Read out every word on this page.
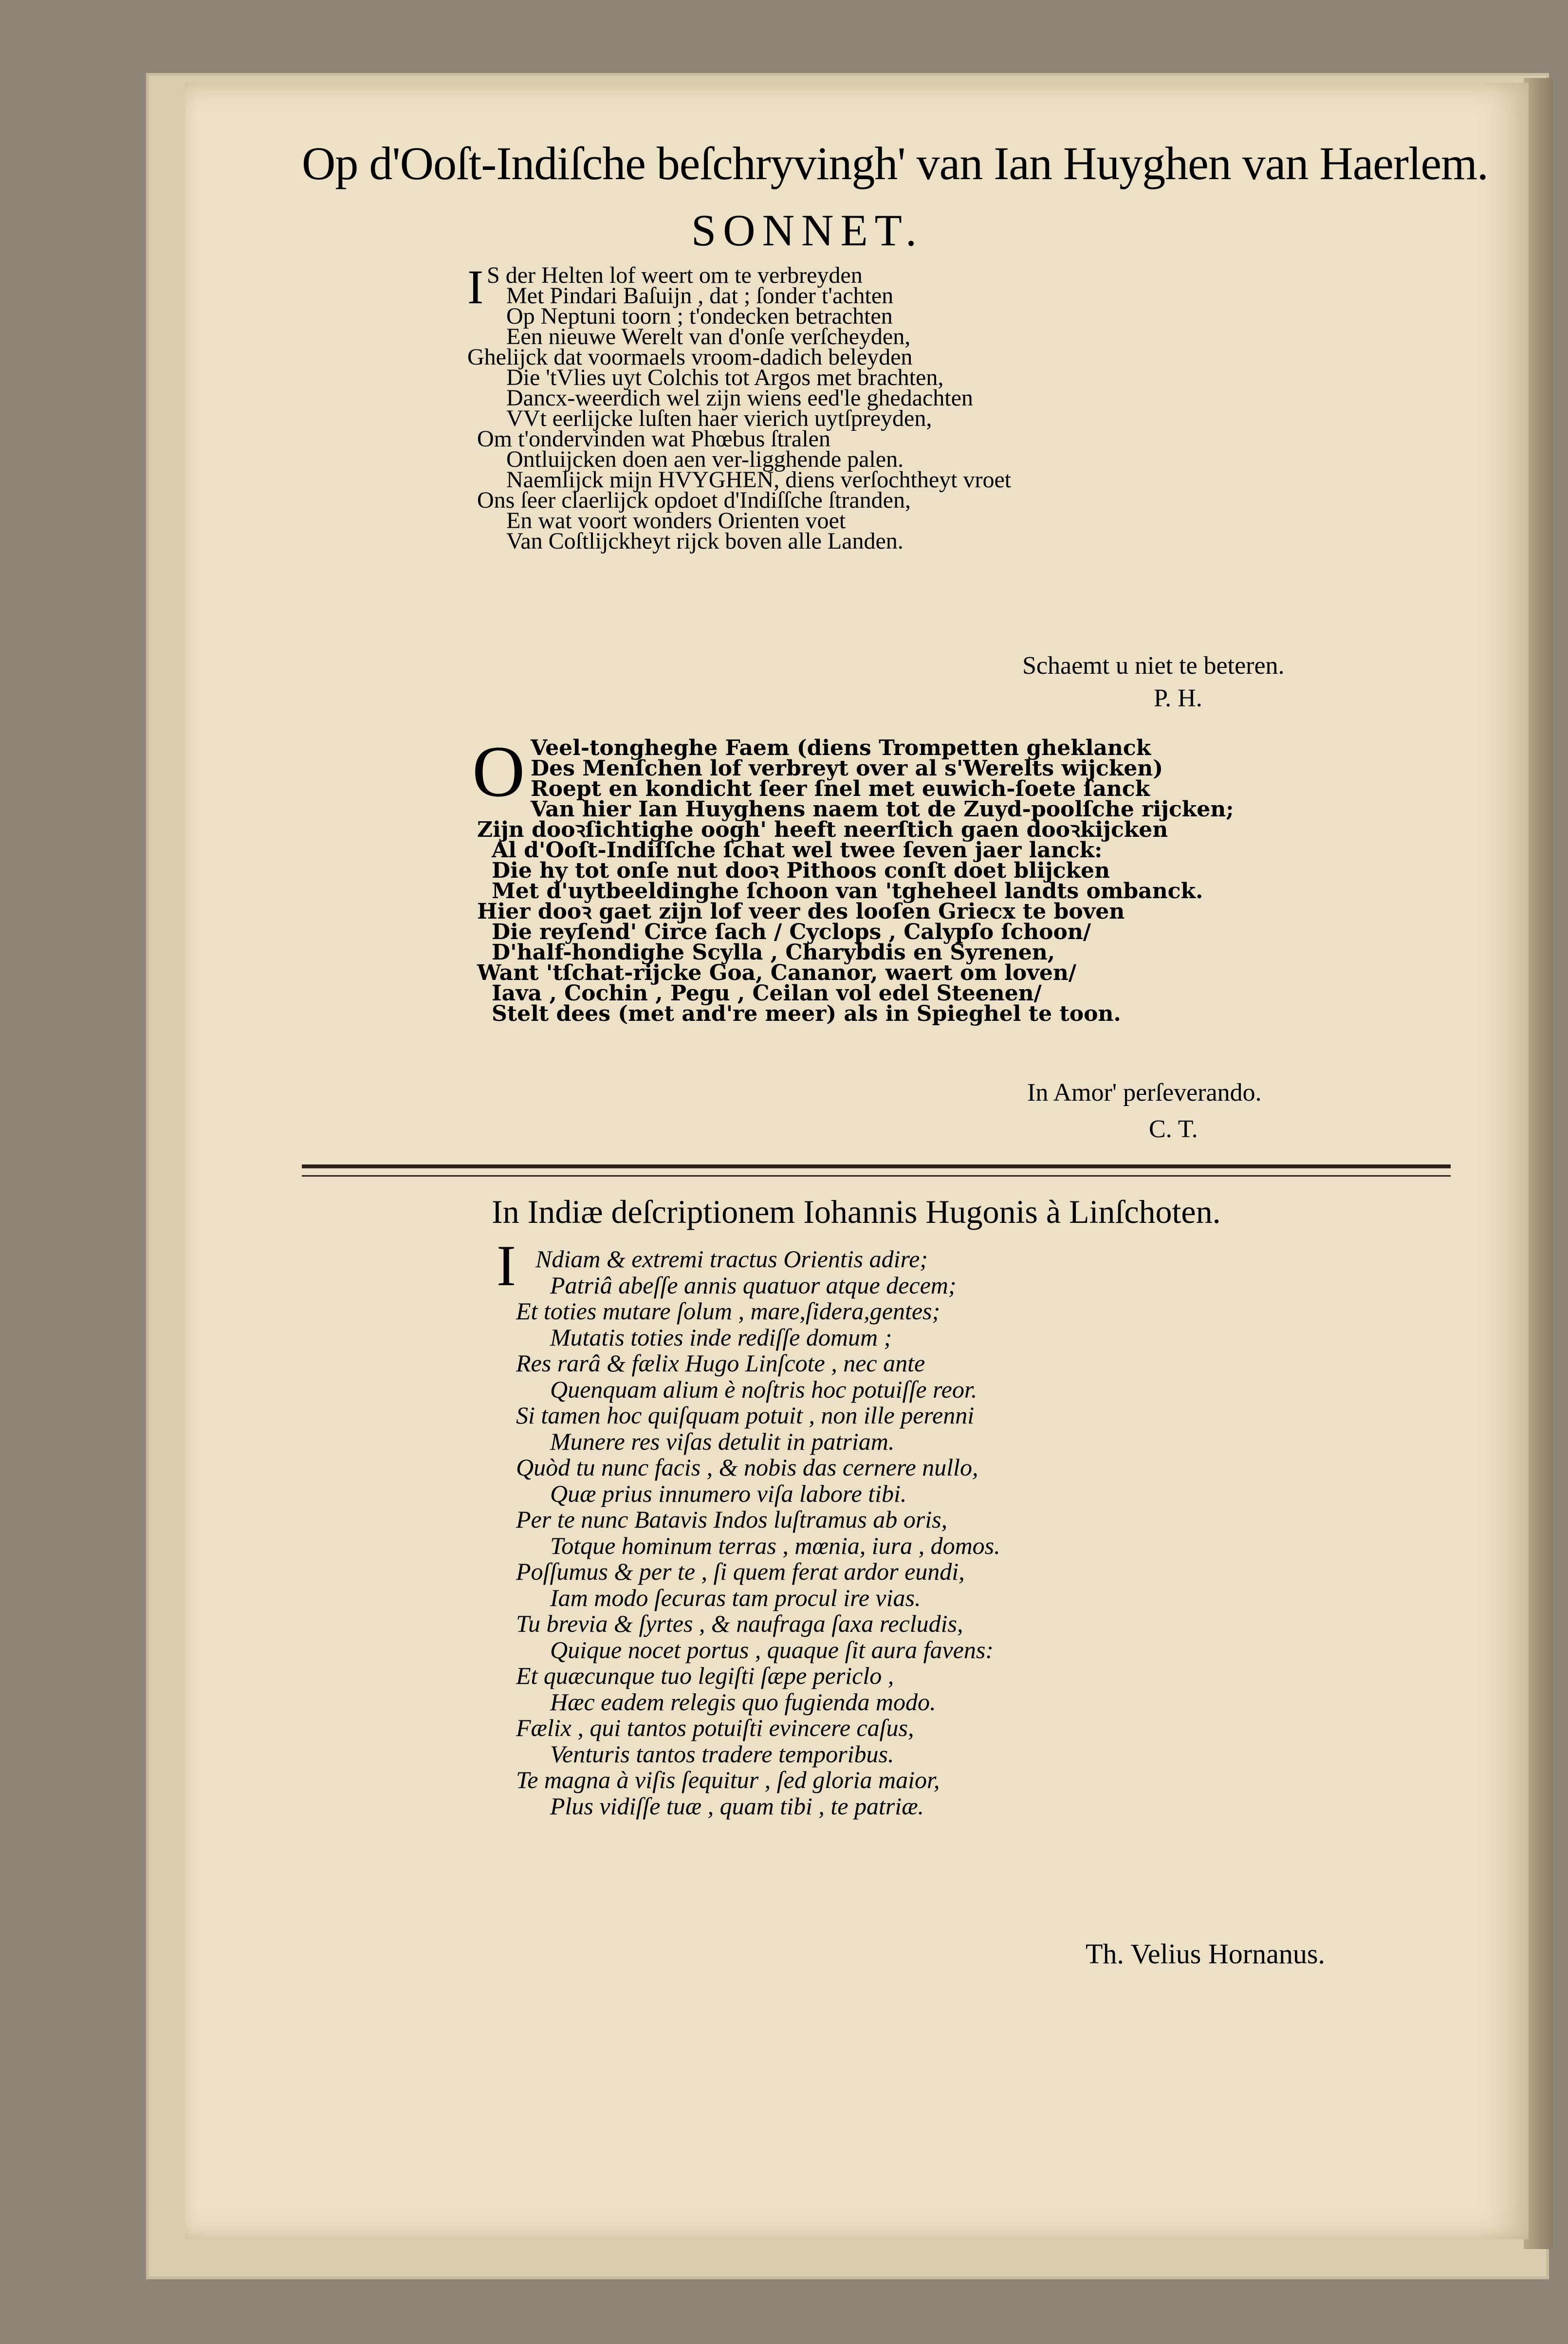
Op d'Ooſt-Indiſche beſchryvingh' van Ian Huyghen van Haerlem.
SONNET.
I S der Helten lof weert om te verbreyden
Met Pindari Baſuijn , dat ; ſonder t'achten
Op Neptuni toorn ; t'ondecken betrachten
Een nieuwe Werelt van d'onſe verſcheyden,
Ghelijck dat voormaels vroom-dadich beleyden
Die 'tVlies uyt Colchis tot Argos met brachten,
Dancx-weerdich wel zijn wiens eed'le ghedachten
VVt eerlijcke luſten haer vierich uytſpreyden,
Om t'ondervinden wat Phœbus ſtralen
Ontluijcken doen aen ver-ligghende palen.
Naemlijck mijn HVYGHEN, diens verſochtheyt vroet
Ons ſeer claerlijck opdoet d'Indiſſche ſtranden,
En wat voort wonders Orienten voet
Van Coſtlijckheyt rijck boven alle Landen.
Schaemt u niet te beteren.
P. H.
O Veel-tongheghe Faem (diens Trompetten gheklanck
Des Menſchen lof verbreyt over al s'Werelts wijcken)
Roept en kondicht ſeer ſnel met euwich-ſoete ſanck
Van hier Ian Huyghens naem tot de Zuyd-poolſche rijcken;
Zijn dooꝛſichtighe oogh' heeft neerſtich gaen dooꝛkijcken
Al d'Ooſt-Indiſſche ſchat wel twee ſeven jaer lanck:
Die hy tot onſe nut dooꝛ Pithoos conſt doet blijcken
Met d'uytbeeldinghe ſchoon van 'tgheheel landts ombanck.
Hier dooꝛ gaet zijn lof veer des looſen Griecx te boven
Die reyſend' Circe ſach / Cyclops , Calypſo ſchoon/
D'half-hondighe Scylla , Charybdis en Syrenen,
Want 'tſchat-rijcke Goa, Cananor, waert om loven/
Iava , Cochin , Pegu , Ceilan vol edel Steenen/
Stelt dees (met and're meer) als in Spieghel te toon.
In Amor' perſeverando.
C. T.
In Indiæ deſcriptionem Iohannis Hugonis à Linſchoten.
I Ndiam & extremi tractus Orientis adire;
Patriâ abeſſe annis quatuor atque decem;
Et toties mutare ſolum , mare,ſidera,gentes;
Mutatis toties inde rediſſe domum ;
Res rarâ & fælix Hugo Linſcote , nec ante
Quenquam alium è noſtris hoc potuiſſe reor.
Si tamen hoc quiſquam potuit , non ille perenni
Munere res viſas detulit in patriam.
Quòd tu nunc facis , & nobis das cernere nullo,
Quæ prius innumero viſa labore tibi.
Per te nunc Batavis Indos luſtramus ab oris,
Totque hominum terras , mœnia, iura , domos.
Poſſumus & per te , ſi quem ferat ardor eundi,
Iam modo ſecuras tam procul ire vias.
Tu brevia & ſyrtes , & naufraga ſaxa recludis,
Quique nocet portus , quaque ſit aura favens:
Et quæcunque tuo legiſti ſæpe periclo ,
Hæc eadem relegis quo fugienda modo.
Fælix , qui tantos potuiſti evincere caſus,
Venturis tantos tradere temporibus.
Te magna à viſis ſequitur , ſed gloria maior,
Plus vidiſſe tuæ , quam tibi , te patriæ.
Th. Velius Hornanus.
